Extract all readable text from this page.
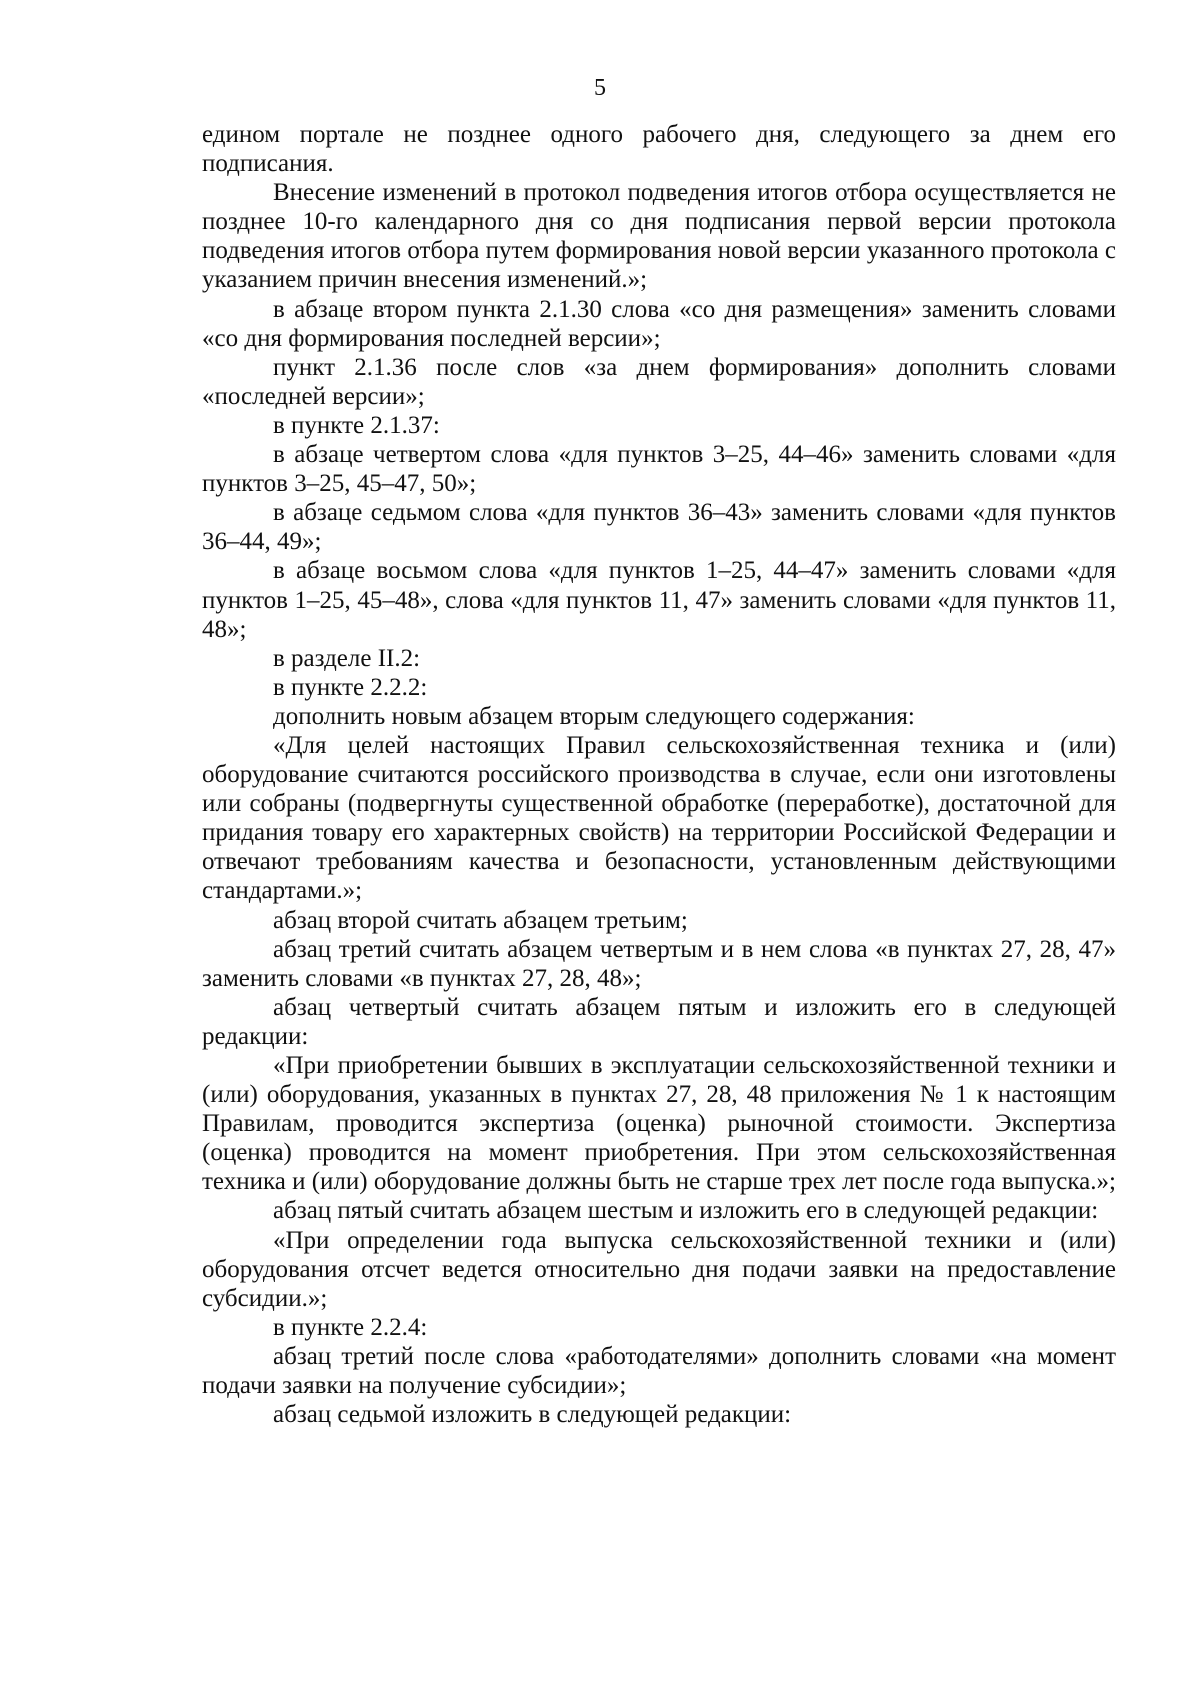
5

едином портале не позднее одного рабочего дня, следующего за днем его подписания.

Внесение изменений в протокол подведения итогов отбора осуществляется не позднее 10-го календарного дня со дня подписания первой версии протокола подведения итогов отбора путем формирования новой версии указанного протокола с указанием причин внесения изменений.»;

в абзаце втором пункта 2.1.30 слова «со дня размещения» заменить словами «со дня формирования последней версии»;

пункт 2.1.36 после слов «за днем формирования» дополнить словами «последней версии»;

в пункте 2.1.37:

в абзаце четвертом слова «для пунктов 3–25, 44–46» заменить словами «для пунктов 3–25, 45–47, 50»;

в абзаце седьмом слова «для пунктов 36–43» заменить словами «для пунктов 36–44, 49»;

в абзаце восьмом слова «для пунктов 1–25, 44–47» заменить словами «для пунктов 1–25, 45–48», слова «для пунктов 11, 47» заменить словами «для пунктов 11, 48»;

в разделе II.2:

в пункте 2.2.2:

дополнить новым абзацем вторым следующего содержания:

«Для целей настоящих Правил сельскохозяйственная техника и (или) оборудование считаются российского производства в случае, если они изготовлены или собраны (подвергнуты существенной обработке (переработке), достаточной для придания товару его характерных свойств) на территории Российской Федерации и отвечают требованиям качества и безопасности, установленным действующими стандартами.»;

абзац второй считать абзацем третьим;

абзац третий считать абзацем четвертым и в нем слова «в пунктах 27, 28, 47» заменить словами «в пунктах 27, 28, 48»;

абзац четвертый считать абзацем пятым и изложить его в следующей редакции:

«При приобретении бывших в эксплуатации сельскохозяйственной техники и (или) оборудования, указанных в пунктах 27, 28, 48 приложения № 1 к настоящим Правилам, проводится экспертиза (оценка) рыночной стоимости. Экспертиза (оценка) проводится на момент приобретения. При этом сельскохозяйственная техника и (или) оборудование должны быть не старше трех лет после года выпуска.»;

абзац пятый считать абзацем шестым и изложить его в следующей редакции:

«При определении года выпуска сельскохозяйственной техники и (или) оборудования отсчет ведется относительно дня подачи заявки на предоставление субсидии.»;

в пункте 2.2.4:

абзац третий после слова «работодателями» дополнить словами «на момент подачи заявки на получение субсидии»;

абзац седьмой изложить в следующей редакции:
